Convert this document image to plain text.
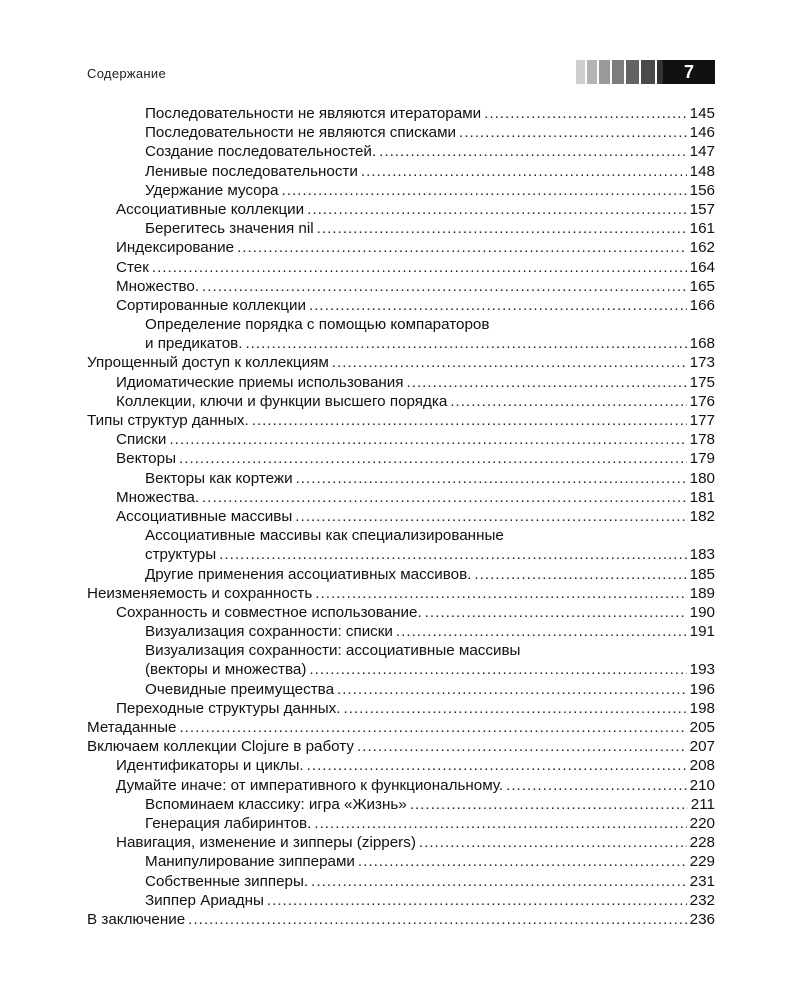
Содержание	7
Последовательности не являются итераторами .....	145
Последовательности не являются списками .....	146
Создание последовательностей. .....	147
Ленивые последовательности .....	148
Удержание мусора .....	156
Ассоциативные коллекции .....	157
Берегитесь значения nil .....	161
Индексирование .....	162
Стек .....	164
Множество. .....	165
Сортированные коллекции .....	166
Определение порядка с помощью компараторов
и предикатов. .....	168
Упрощенный доступ к коллекциям .....	173
Идиоматические приемы использования .....	175
Коллекции, ключи и функции высшего порядка .....	176
Типы структур данных. .....	177
Списки .....	178
Векторы .....	179
Векторы как кортежи .....	180
Множества. .....	181
Ассоциативные массивы .....	182
Ассоциативные массивы как специализированные
структуры .....	183
Другие применения ассоциативных массивов. .....	185
Неизменяемость и сохранность .....	189
Сохранность и совместное использование. .....	190
Визуализация сохранности: списки .....	191
Визуализация сохранности: ассоциативные массивы
(векторы и множества) .....	193
Очевидные преимущества .....	196
Переходные структуры данных. .....	198
Метаданные .....	205
Включаем коллекции Clojure в работу .....	207
Идентификаторы и циклы. .....	208
Думайте иначе: от императивного к функциональному. .....	210
Вспоминаем классику: игра «Жизнь» .....	211
Генерация лабиринтов. .....	220
Навигация, изменение и зипперы (zippers) .....	228
Манипулирование зипперами .....	229
Собственные зипперы. .....	231
Зиппер Ариадны .....	232
В заключение .....	236
